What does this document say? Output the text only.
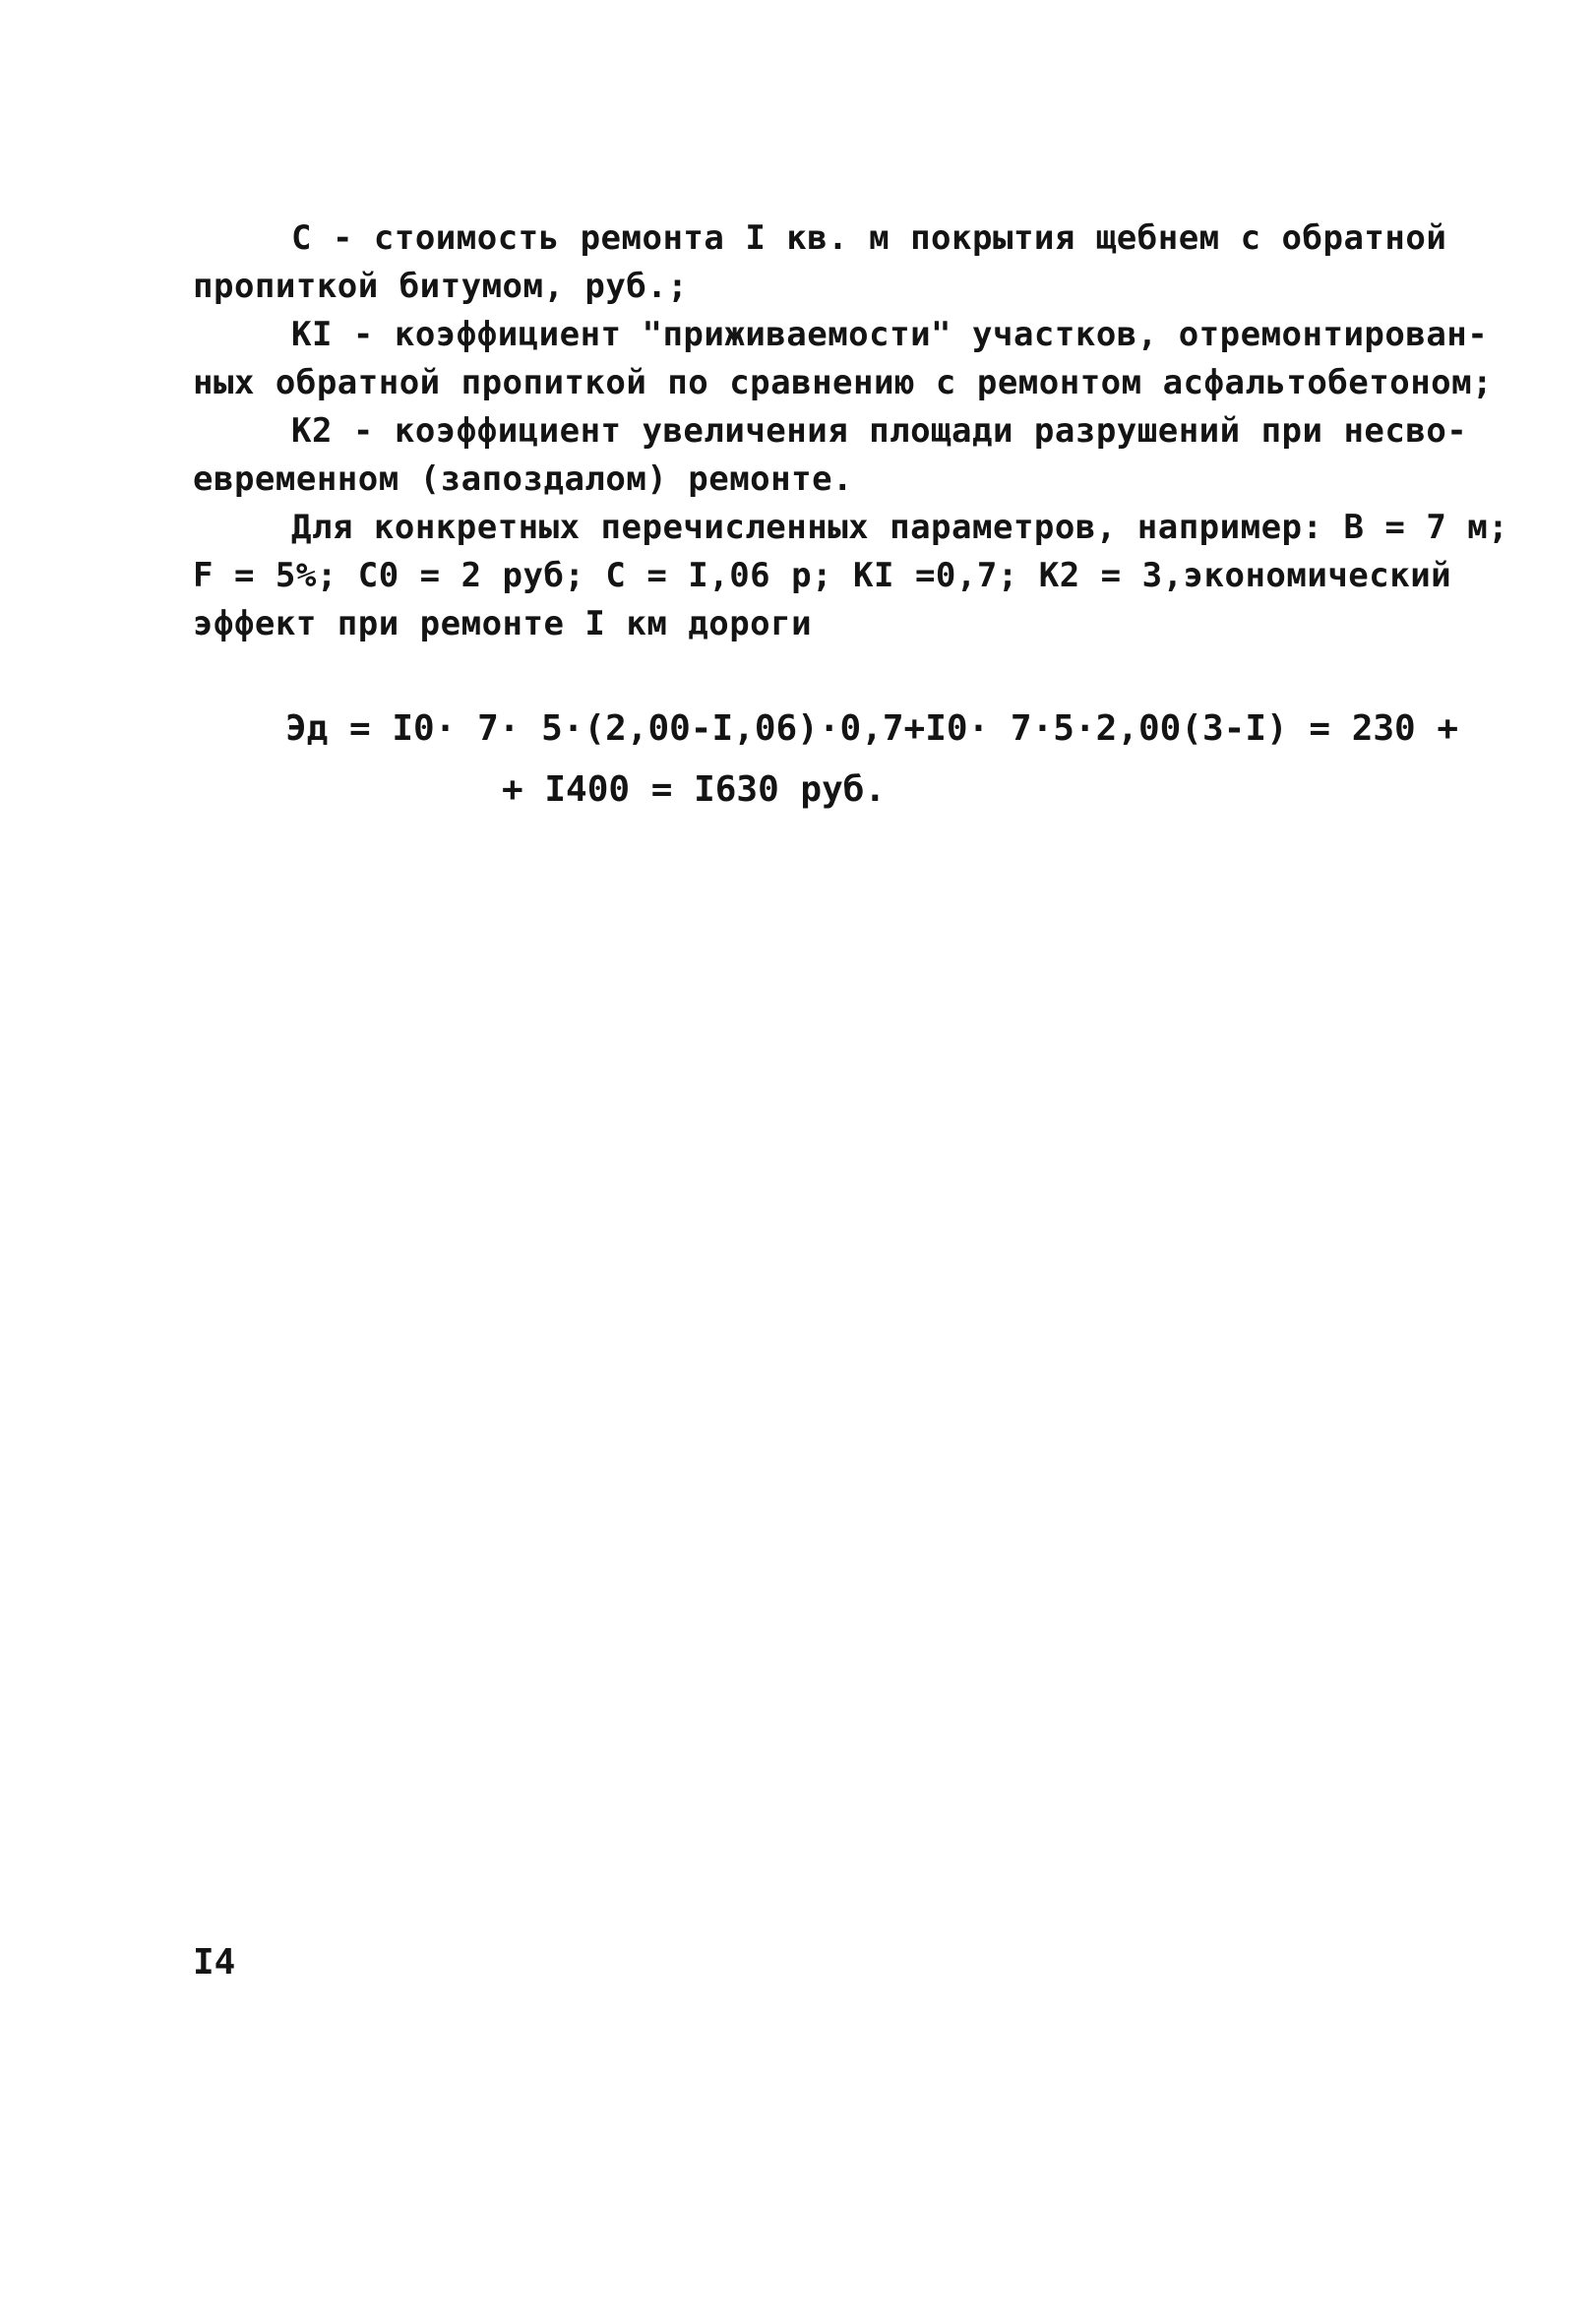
С - стоимость ремонта I кв. м покрытия щебнем с обратной
пропиткой битумом, руб.;

КI - коэффициент "приживаемости" участков, отремонтирован-
ных обратной пропиткой по сравнению с ремонтом асфальтобетоном;

К2 - коэффициент увеличения площади разрушений при несво-
евременном (запоздалом) ремонте.

Для конкретных перечисленных параметров, например: В = 7 м;
F = 5%; С0 = 2 руб; С = I,06 р; КI =0,7; К2 = 3,экономический
эффект при ремонте I км дороги

Эд = I0· 7· 5·(2,00-I,06)·0,7+I0· 7·5·2,00(3-I) = 230 +
+ I400 = I630 руб.
I4
